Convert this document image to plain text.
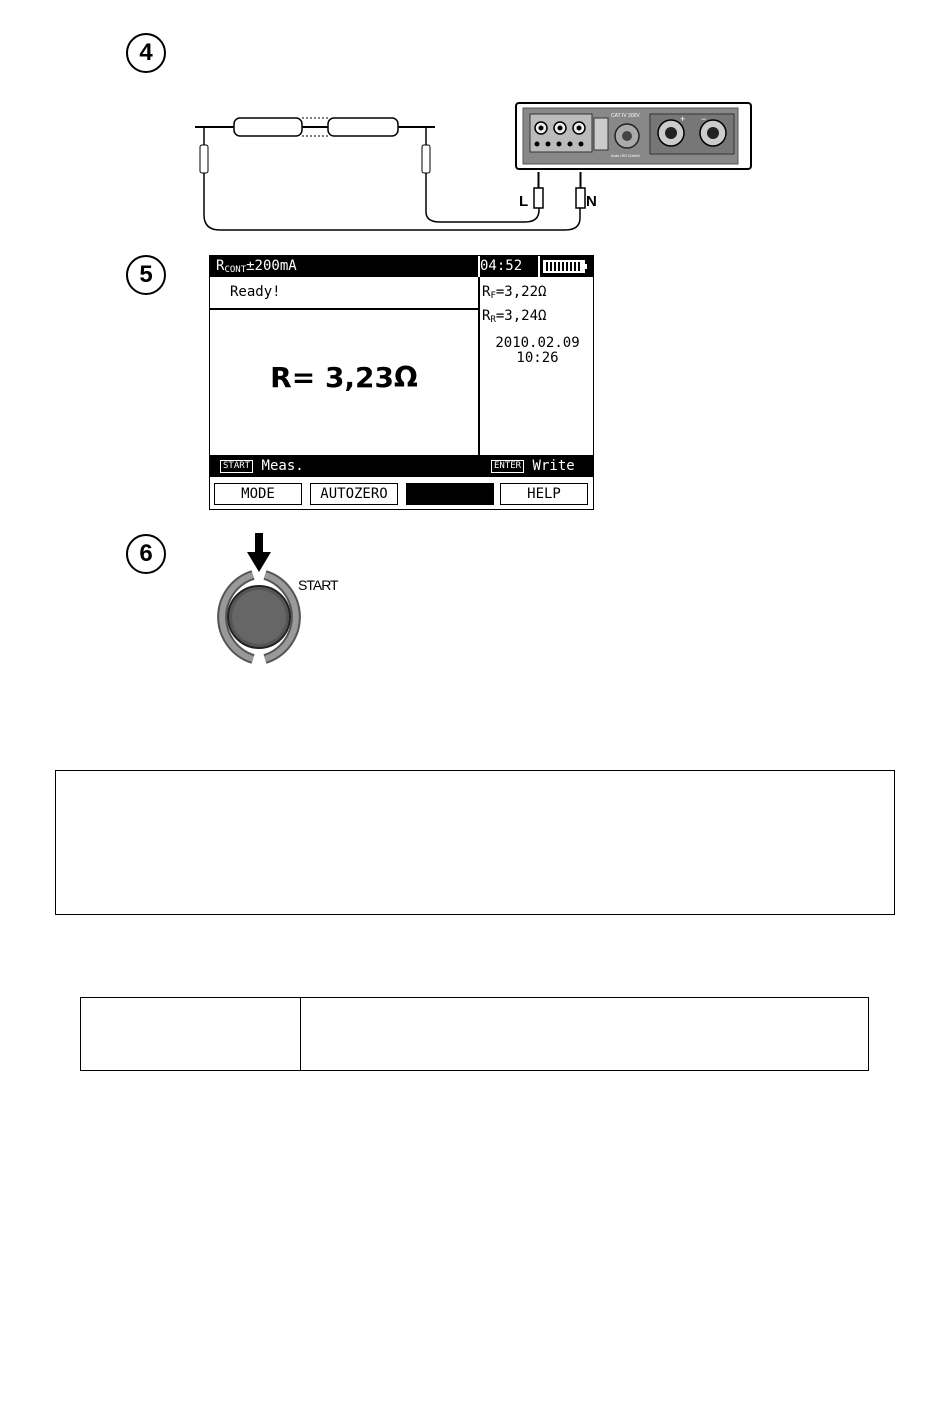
4
5
6
L	N
CAT IV 300V
Auto ISO Dzielić
+ −
$R_{CONT}\pm 200mA$	04:52
Ready!
R= 3,23Ω
$R_F=3,22\Omega$
$R_R=3,24\Omega$
2010.02.09
10:26
START Meas.	ENTER Write
MODE	AUTOZERO	HELP
START
